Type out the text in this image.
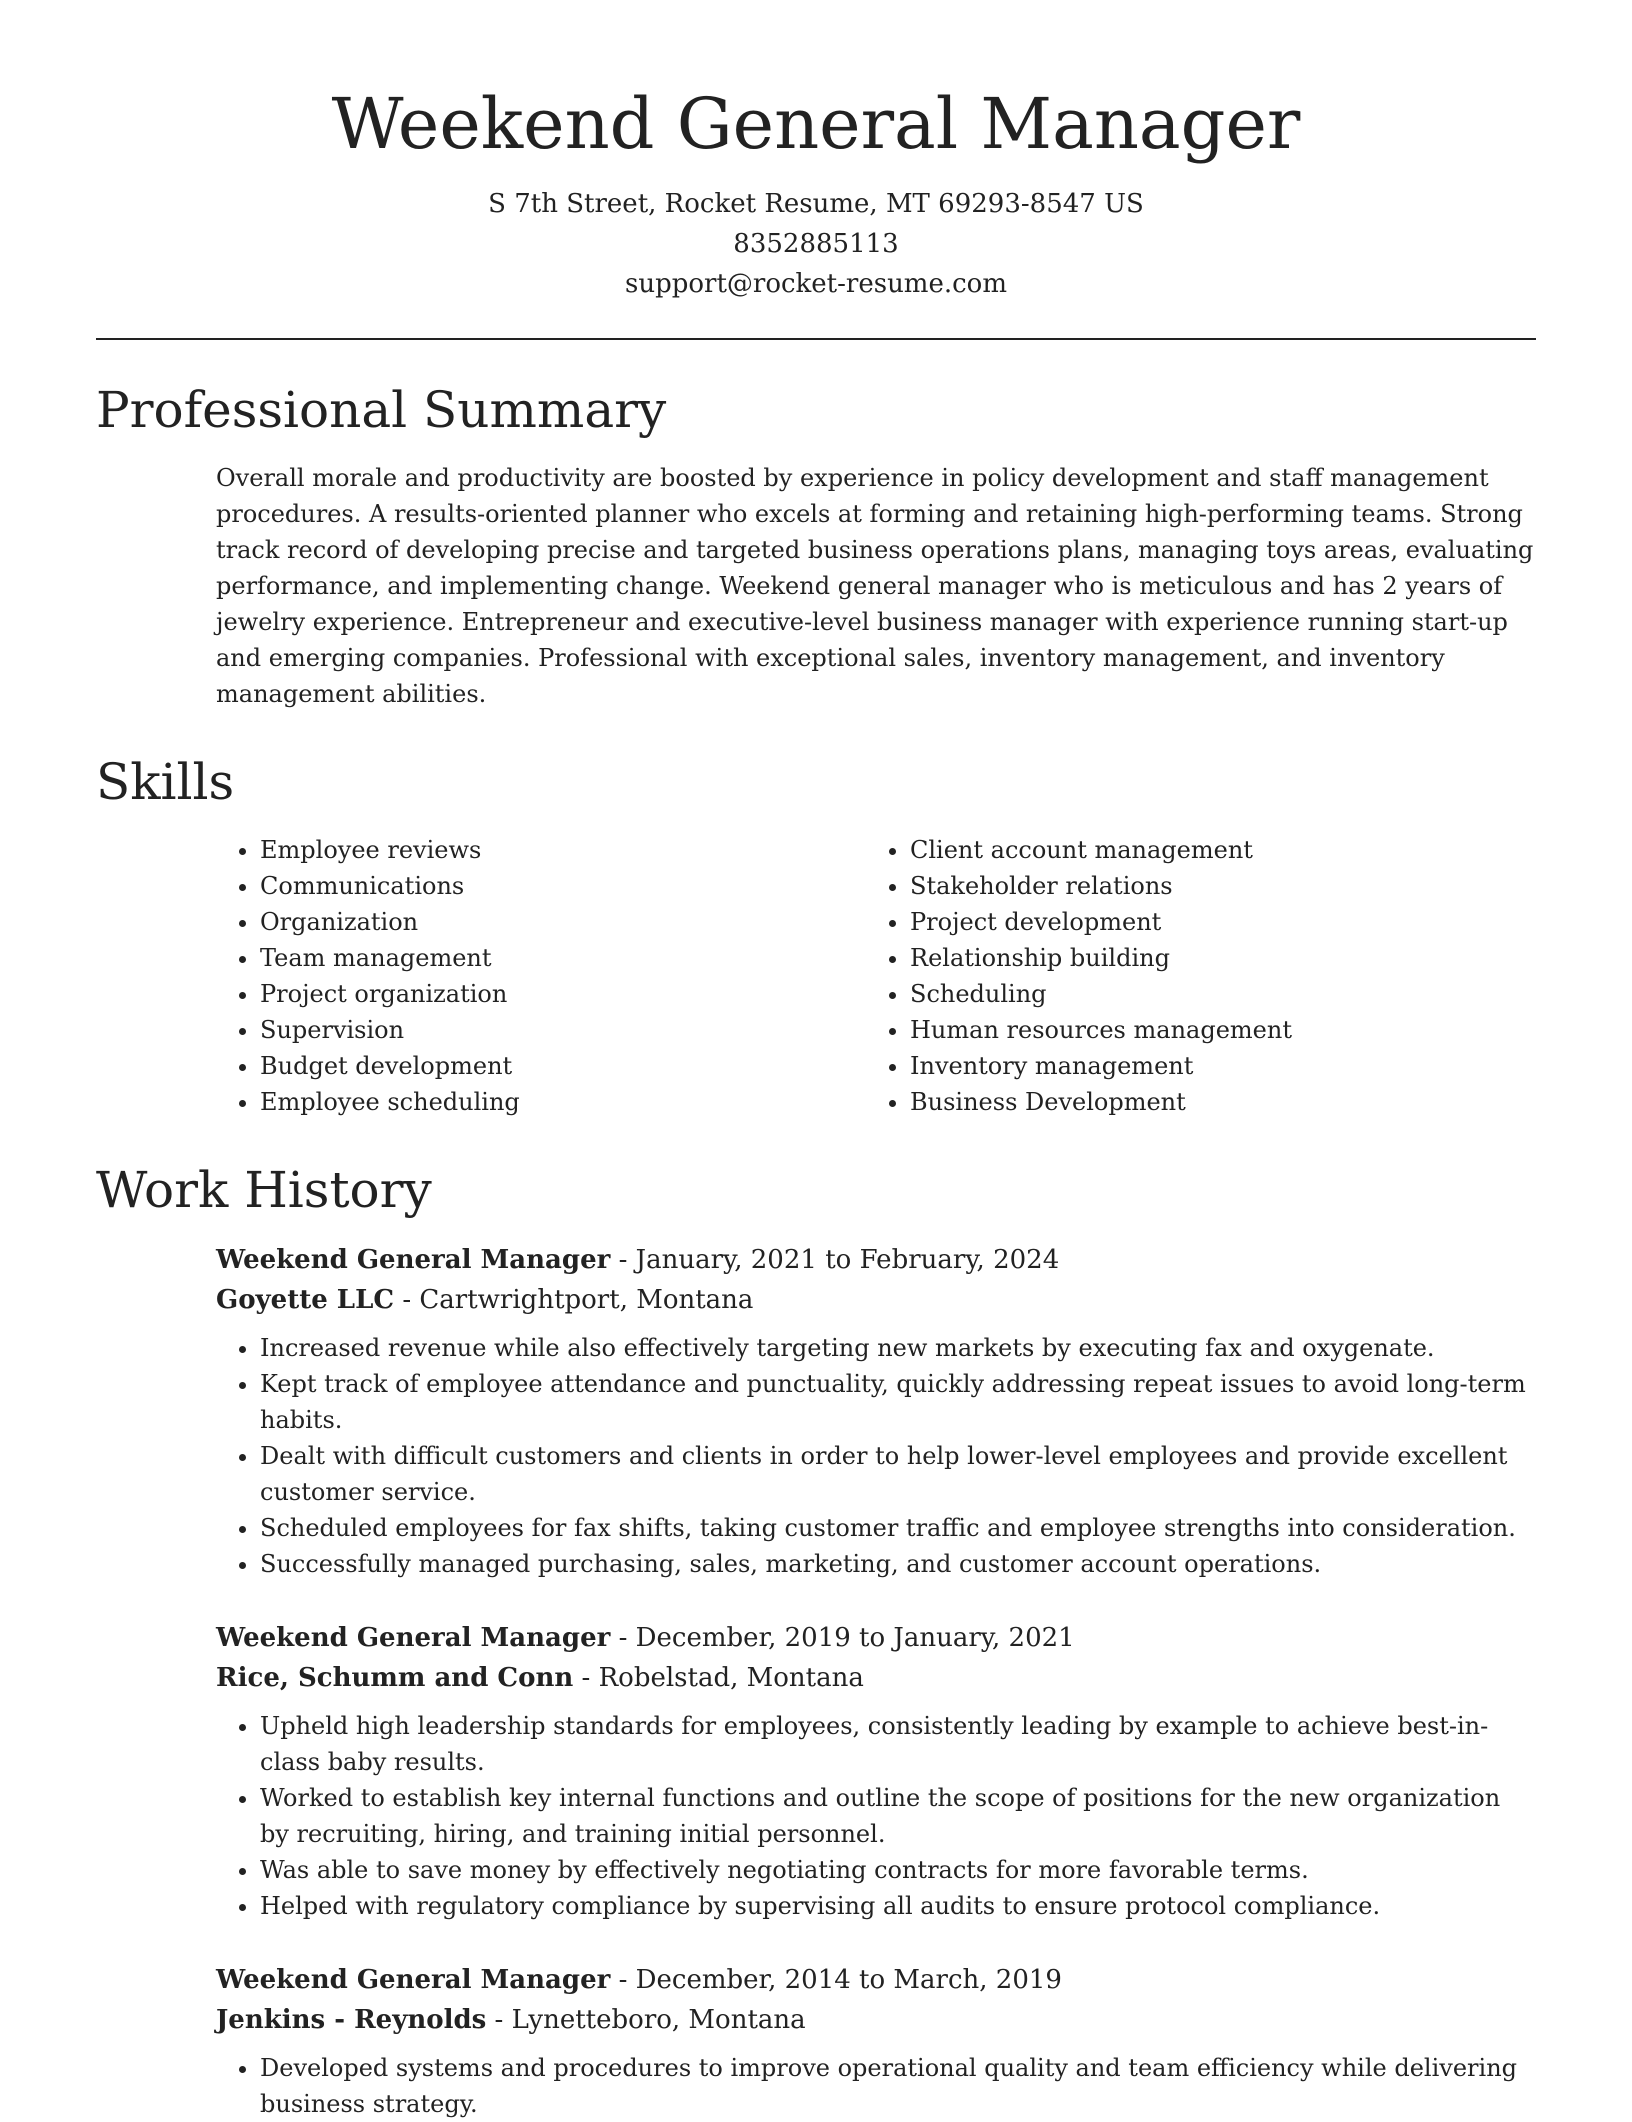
Weekend General Manager
S 7th Street, Rocket Resume, MT 69293-8547 US
8352885113
support@rocket-resume.com
Professional Summary
Overall morale and productivity are boosted by experience in policy development and staff management procedures. A results-oriented planner who excels at forming and retaining high-performing teams. Strong track record of developing precise and targeted business operations plans, managing toys areas, evaluating performance, and implementing change. Weekend general manager who is meticulous and has 2 years of jewelry experience. Entrepreneur and executive-level business manager with experience running start-up and emerging companies. Professional with exceptional sales, inventory management, and inventory management abilities.
Skills
• Employee reviews
• Communications
• Organization
• Team management
• Project organization
• Supervision
• Budget development
• Employee scheduling
• Client account management
• Stakeholder relations
• Project development
• Relationship building
• Scheduling
• Human resources management
• Inventory management
• Business Development
Work History
Weekend General Manager - January, 2021 to February, 2024
Goyette LLC - Cartwrightport, Montana
• Increased revenue while also effectively targeting new markets by executing fax and oxygenate.
• Kept track of employee attendance and punctuality, quickly addressing repeat issues to avoid long-term habits.
• Dealt with difficult customers and clients in order to help lower-level employees and provide excellent customer service.
• Scheduled employees for fax shifts, taking customer traffic and employee strengths into consideration.
• Successfully managed purchasing, sales, marketing, and customer account operations.
Weekend General Manager - December, 2019 to January, 2021
Rice, Schumm and Conn - Robelstad, Montana
• Upheld high leadership standards for employees, consistently leading by example to achieve best-in-class baby results.
• Worked to establish key internal functions and outline the scope of positions for the new organization by recruiting, hiring, and training initial personnel.
• Was able to save money by effectively negotiating contracts for more favorable terms.
• Helped with regulatory compliance by supervising all audits to ensure protocol compliance.
Weekend General Manager - December, 2014 to March, 2019
Jenkins - Reynolds - Lynetteboro, Montana
• Developed systems and procedures to improve operational quality and team efficiency while delivering business strategy.
